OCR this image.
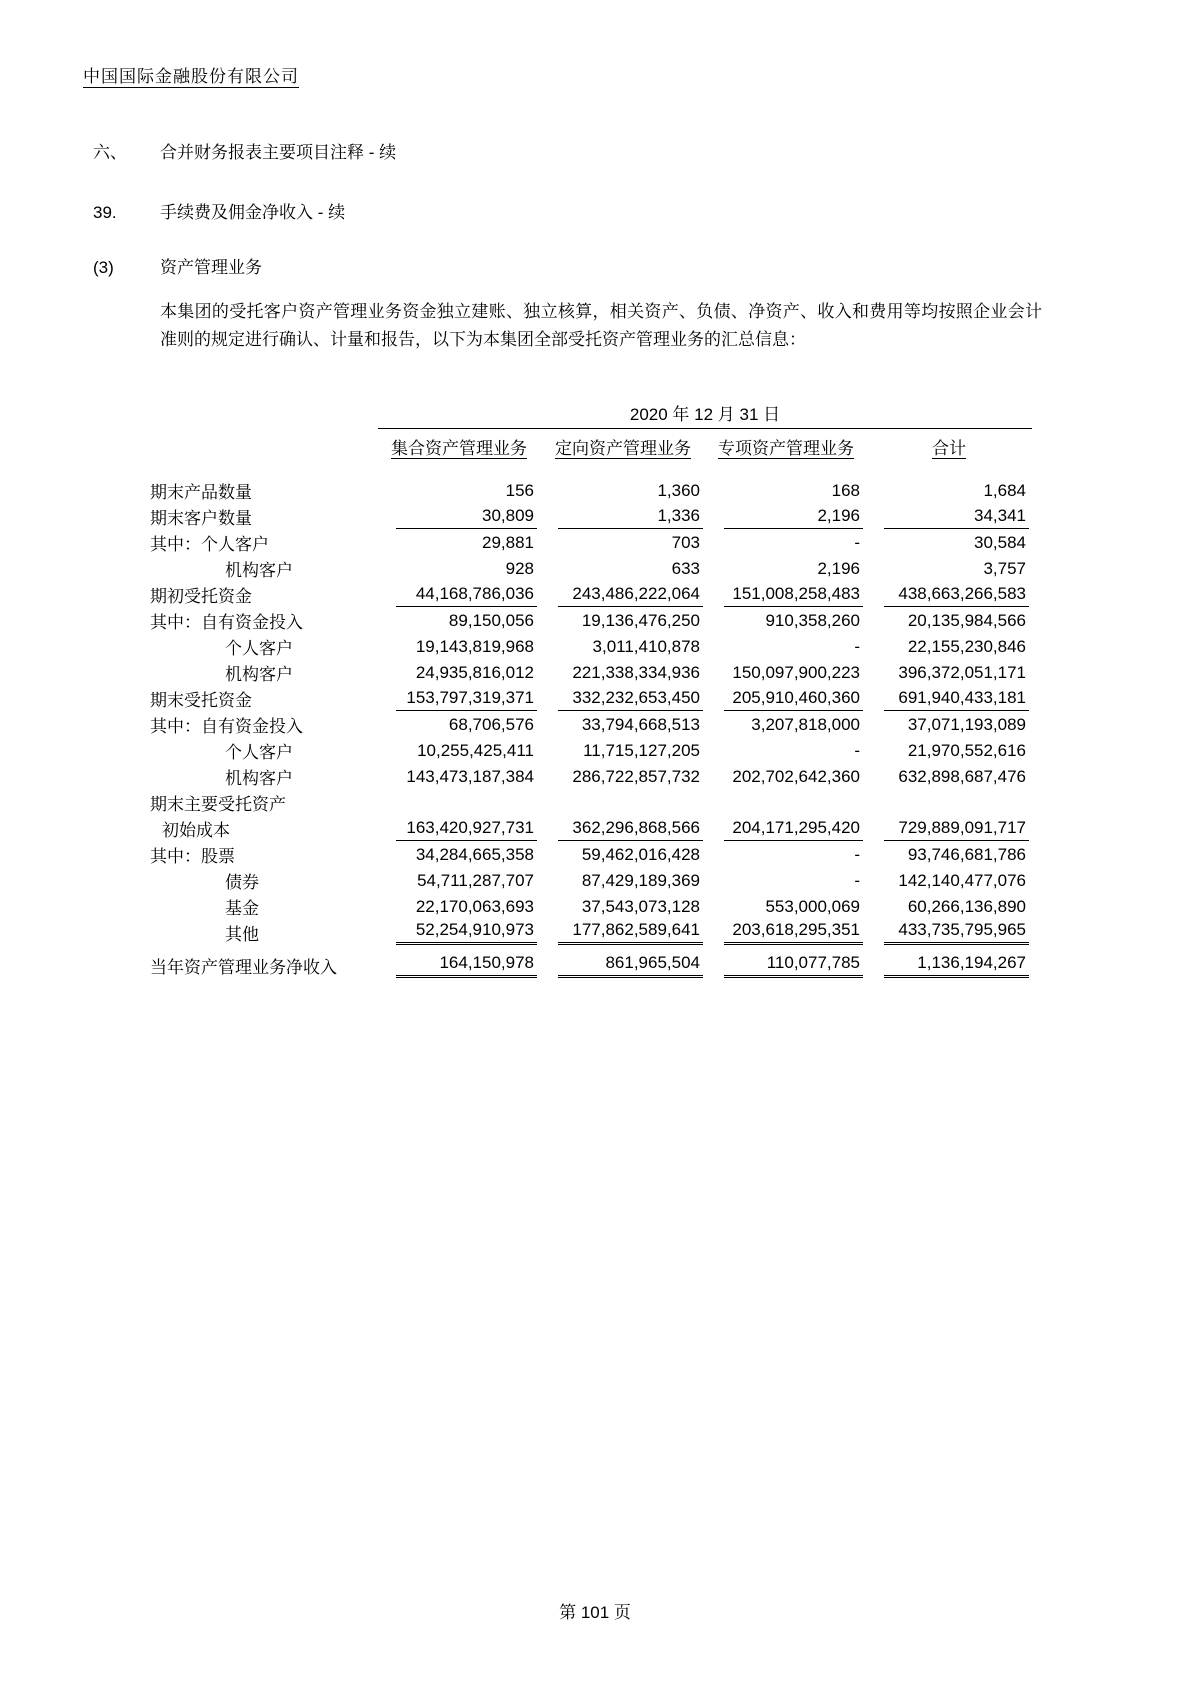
中国国际金融股份有限公司
六、 合并财务报表主要项目注释 - 续
39.	手续费及佣金净收入 - 续
(3)	资产管理业务
本集团的受托客户资产管理业务资金独立建账、独立核算，相关资产、负债、净资产、收入和费用等均按照企业会计准则的规定进行确认、计量和报告，以下为本集团全部受托资产管理业务的汇总信息：
	2020 年 12 月 31 日			
	集合资产管理业务	定向资产管理业务	专项资产管理业务	合计

期末产品数量	156	1,360	168	1,684

期末客户数量	30,809	1,336	2,196	34,341

其中：个人客户	29,881	703	-	30,584

机构客户	928	633	2,196	3,757

期初受托资金	44,168,786,036	243,486,222,064	151,008,258,483	438,663,266,583

其中：自有资金投入	89,150,056	19,136,476,250	910,358,260	20,135,984,566

个人客户	19,143,819,968	3,011,410,878	-	22,155,230,846

机构客户	24,935,816,012	221,338,334,936	150,097,900,223	396,372,051,171

期末受托资金	153,797,319,371	332,232,653,450	205,910,460,360	691,940,433,181

其中：自有资金投入	68,706,576	33,794,668,513	3,207,818,000	37,071,193,089

个人客户	10,255,425,411	11,715,127,205	-	21,970,552,616

机构客户	143,473,187,384	286,722,857,732	202,702,642,360	632,898,687,476

期末主要受托资产	

初始成本	163,420,927,731	362,296,868,566	204,171,295,420	729,889,091,717

其中：股票	34,284,665,358	59,462,016,428	-	93,746,681,786

债券	54,711,287,707	87,429,189,369	-	142,140,477,076

基金	22,170,063,693	37,543,073,128	553,000,069	60,266,136,890

其他	52,254,910,973	177,862,589,641	203,618,295,351	433,735,795,965

当年资产管理业务净收入	164,150,978	861,965,504	110,077,785	1,136,194,267
第 101 页
